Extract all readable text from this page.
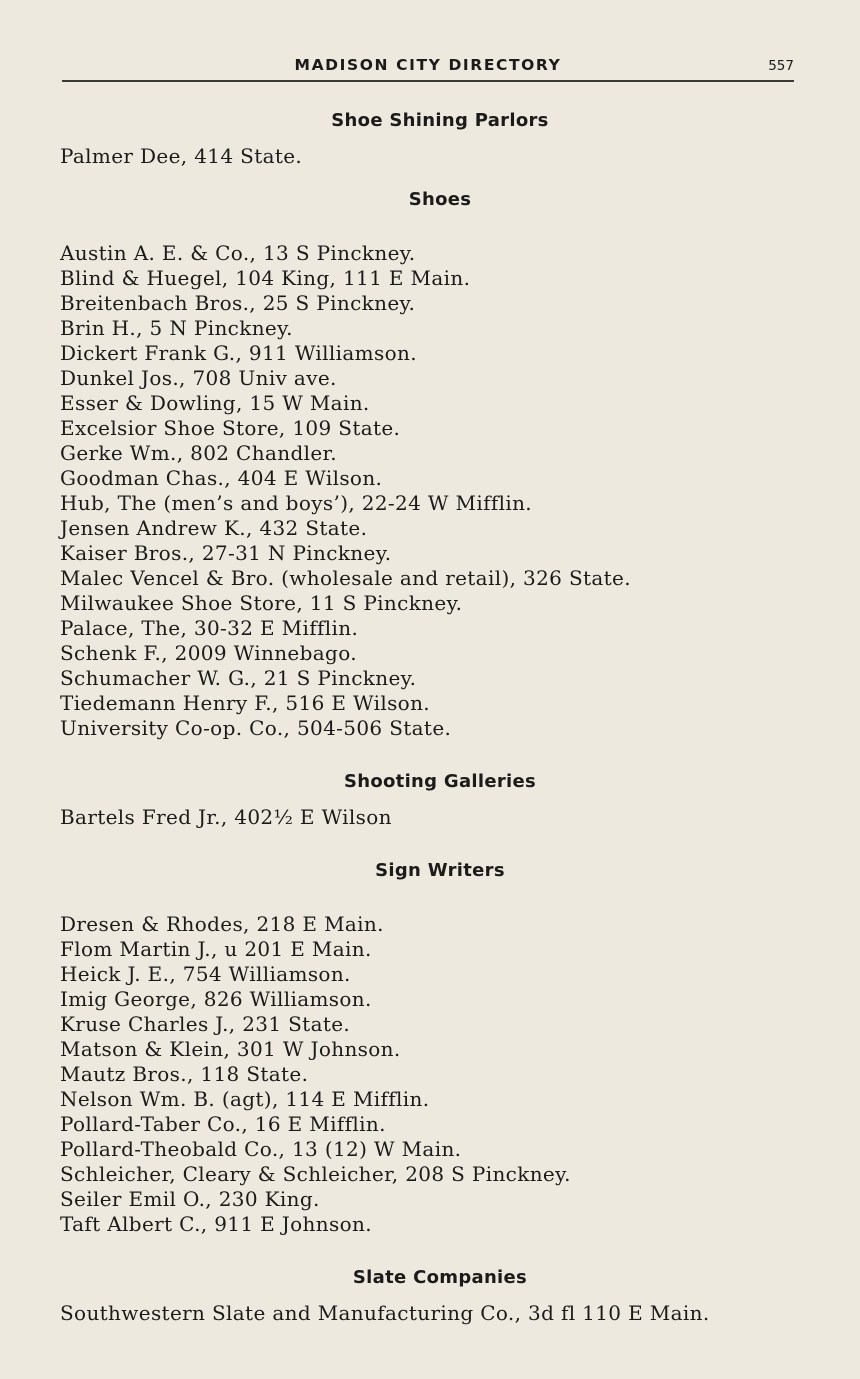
MADISON CITY DIRECTORY	557
Shoe Shining Parlors
Palmer Dee, 414 State.
Shoes
Austin A. E. & Co., 13 S Pinckney.
Blind & Huegel, 104 King, 111 E Main.
Breitenbach Bros., 25 S Pinckney.
Brin H., 5 N Pinckney.
Dickert Frank G., 911 Williamson.
Dunkel Jos., 708 Univ ave.
Esser & Dowling, 15 W Main.
Excelsior Shoe Store, 109 State.
Gerke Wm., 802 Chandler.
Goodman Chas., 404 E Wilson.
Hub, The (men’s and boys’), 22-24 W Mifflin.
Jensen Andrew K., 432 State.
Kaiser Bros., 27-31 N Pinckney.
Malec Vencel & Bro. (wholesale and retail), 326 State.
Milwaukee Shoe Store, 11 S Pinckney.
Palace, The, 30-32 E Mifflin.
Schenk F., 2009 Winnebago.
Schumacher W. G., 21 S Pinckney.
Tiedemann Henry F., 516 E Wilson.
University Co-op. Co., 504-506 State.
Shooting Galleries
Bartels Fred Jr., 402½ E Wilson
Sign Writers
Dresen & Rhodes, 218 E Main.
Flom Martin J., u 201 E Main.
Heick J. E., 754 Williamson.
Imig George, 826 Williamson.
Kruse Charles J., 231 State.
Matson & Klein, 301 W Johnson.
Mautz Bros., 118 State.
Nelson Wm. B. (agt), 114 E Mifflin.
Pollard-Taber Co., 16 E Mifflin.
Pollard-Theobald Co., 13 (12) W Main.
Schleicher, Cleary & Schleicher, 208 S Pinckney.
Seiler Emil O., 230 King.
Taft Albert C., 911 E Johnson.
Slate Companies
Southwestern Slate and Manufacturing Co., 3d fl 110 E Main.
